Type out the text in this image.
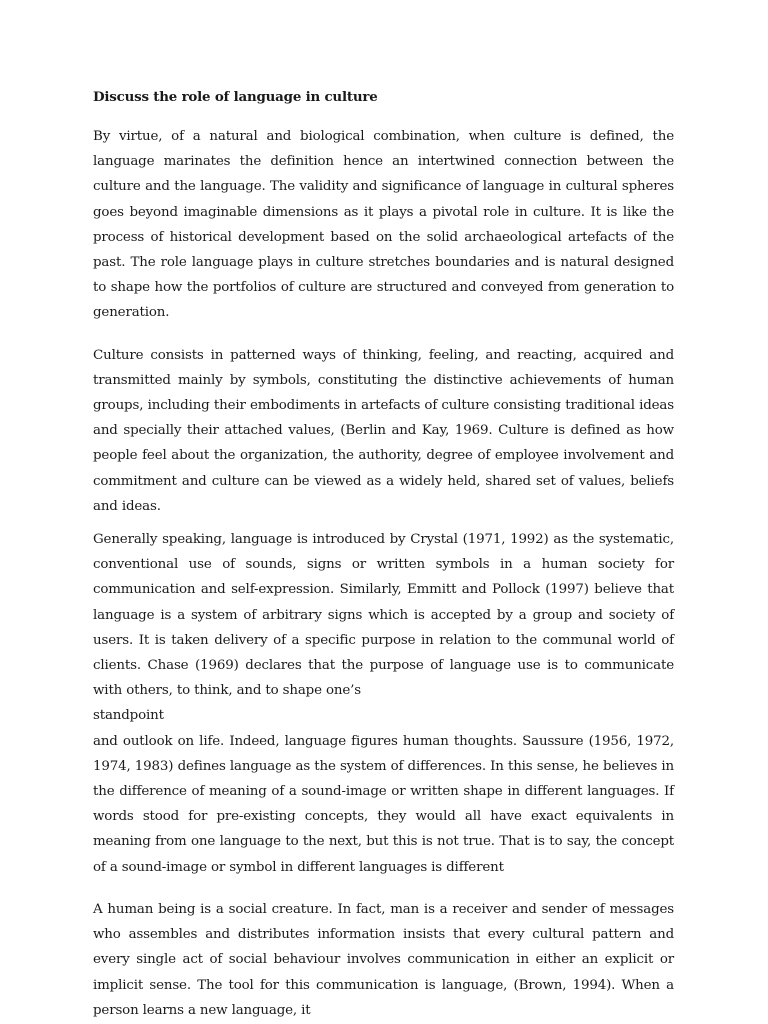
Discuss the role of language in culture

By virtue, of a natural and biological combination, when culture is defined, the language marinates the definition hence an intertwined connection between the culture and the language. The validity and significance of language in cultural spheres goes beyond imaginable dimensions as it plays a pivotal role in culture. It is like the process of historical development based on the solid archaeological artefacts of the past. The role language plays in culture stretches boundaries and is natural designed to shape how the portfolios of culture are structured and conveyed from generation to generation.

Culture consists in patterned ways of thinking, feeling, and reacting, acquired and transmitted mainly by symbols, constituting the distinctive achievements of human groups, including their embodiments in artefacts of culture consisting traditional ideas and specially their attached values, (Berlin and Kay, 1969. Culture is defined as how people feel about the organization, the authority, degree of employee involvement and commitment and culture can be viewed as a widely held, shared set of values, beliefs and ideas.

Generally speaking, language is introduced by Crystal (1971, 1992) as the systematic, conventional use of sounds, signs or written symbols in a human society for communication and self-expression. Similarly, Emmitt and Pollock (1997) believe that language is a system of arbitrary signs which is accepted by a group and society of users. It is taken delivery of a specific purpose in relation to the communal world of clients. Chase (1969) declares that the purpose of language use is to communicate with others, to think, and to shape one’s

standpoint

and outlook on life. Indeed, language figures human thoughts. Saussure (1956, 1972, 1974, 1983) defines language as the system of differences. In this sense, he believes in the difference of meaning of a sound-image or written shape in different languages. If words stood for pre-existing concepts, they would all have exact equivalents in meaning from one language to the next, but this is not true. That is to say, the concept of a sound-image or symbol in different languages is different

A human being is a social creature. In fact, man is a receiver and sender of messages who assembles and distributes information insists that every cultural pattern and every single act of social behaviour involves communication in either an explicit or implicit sense. The tool for this communication is language, (Brown, 1994). When a person learns a new language, it
